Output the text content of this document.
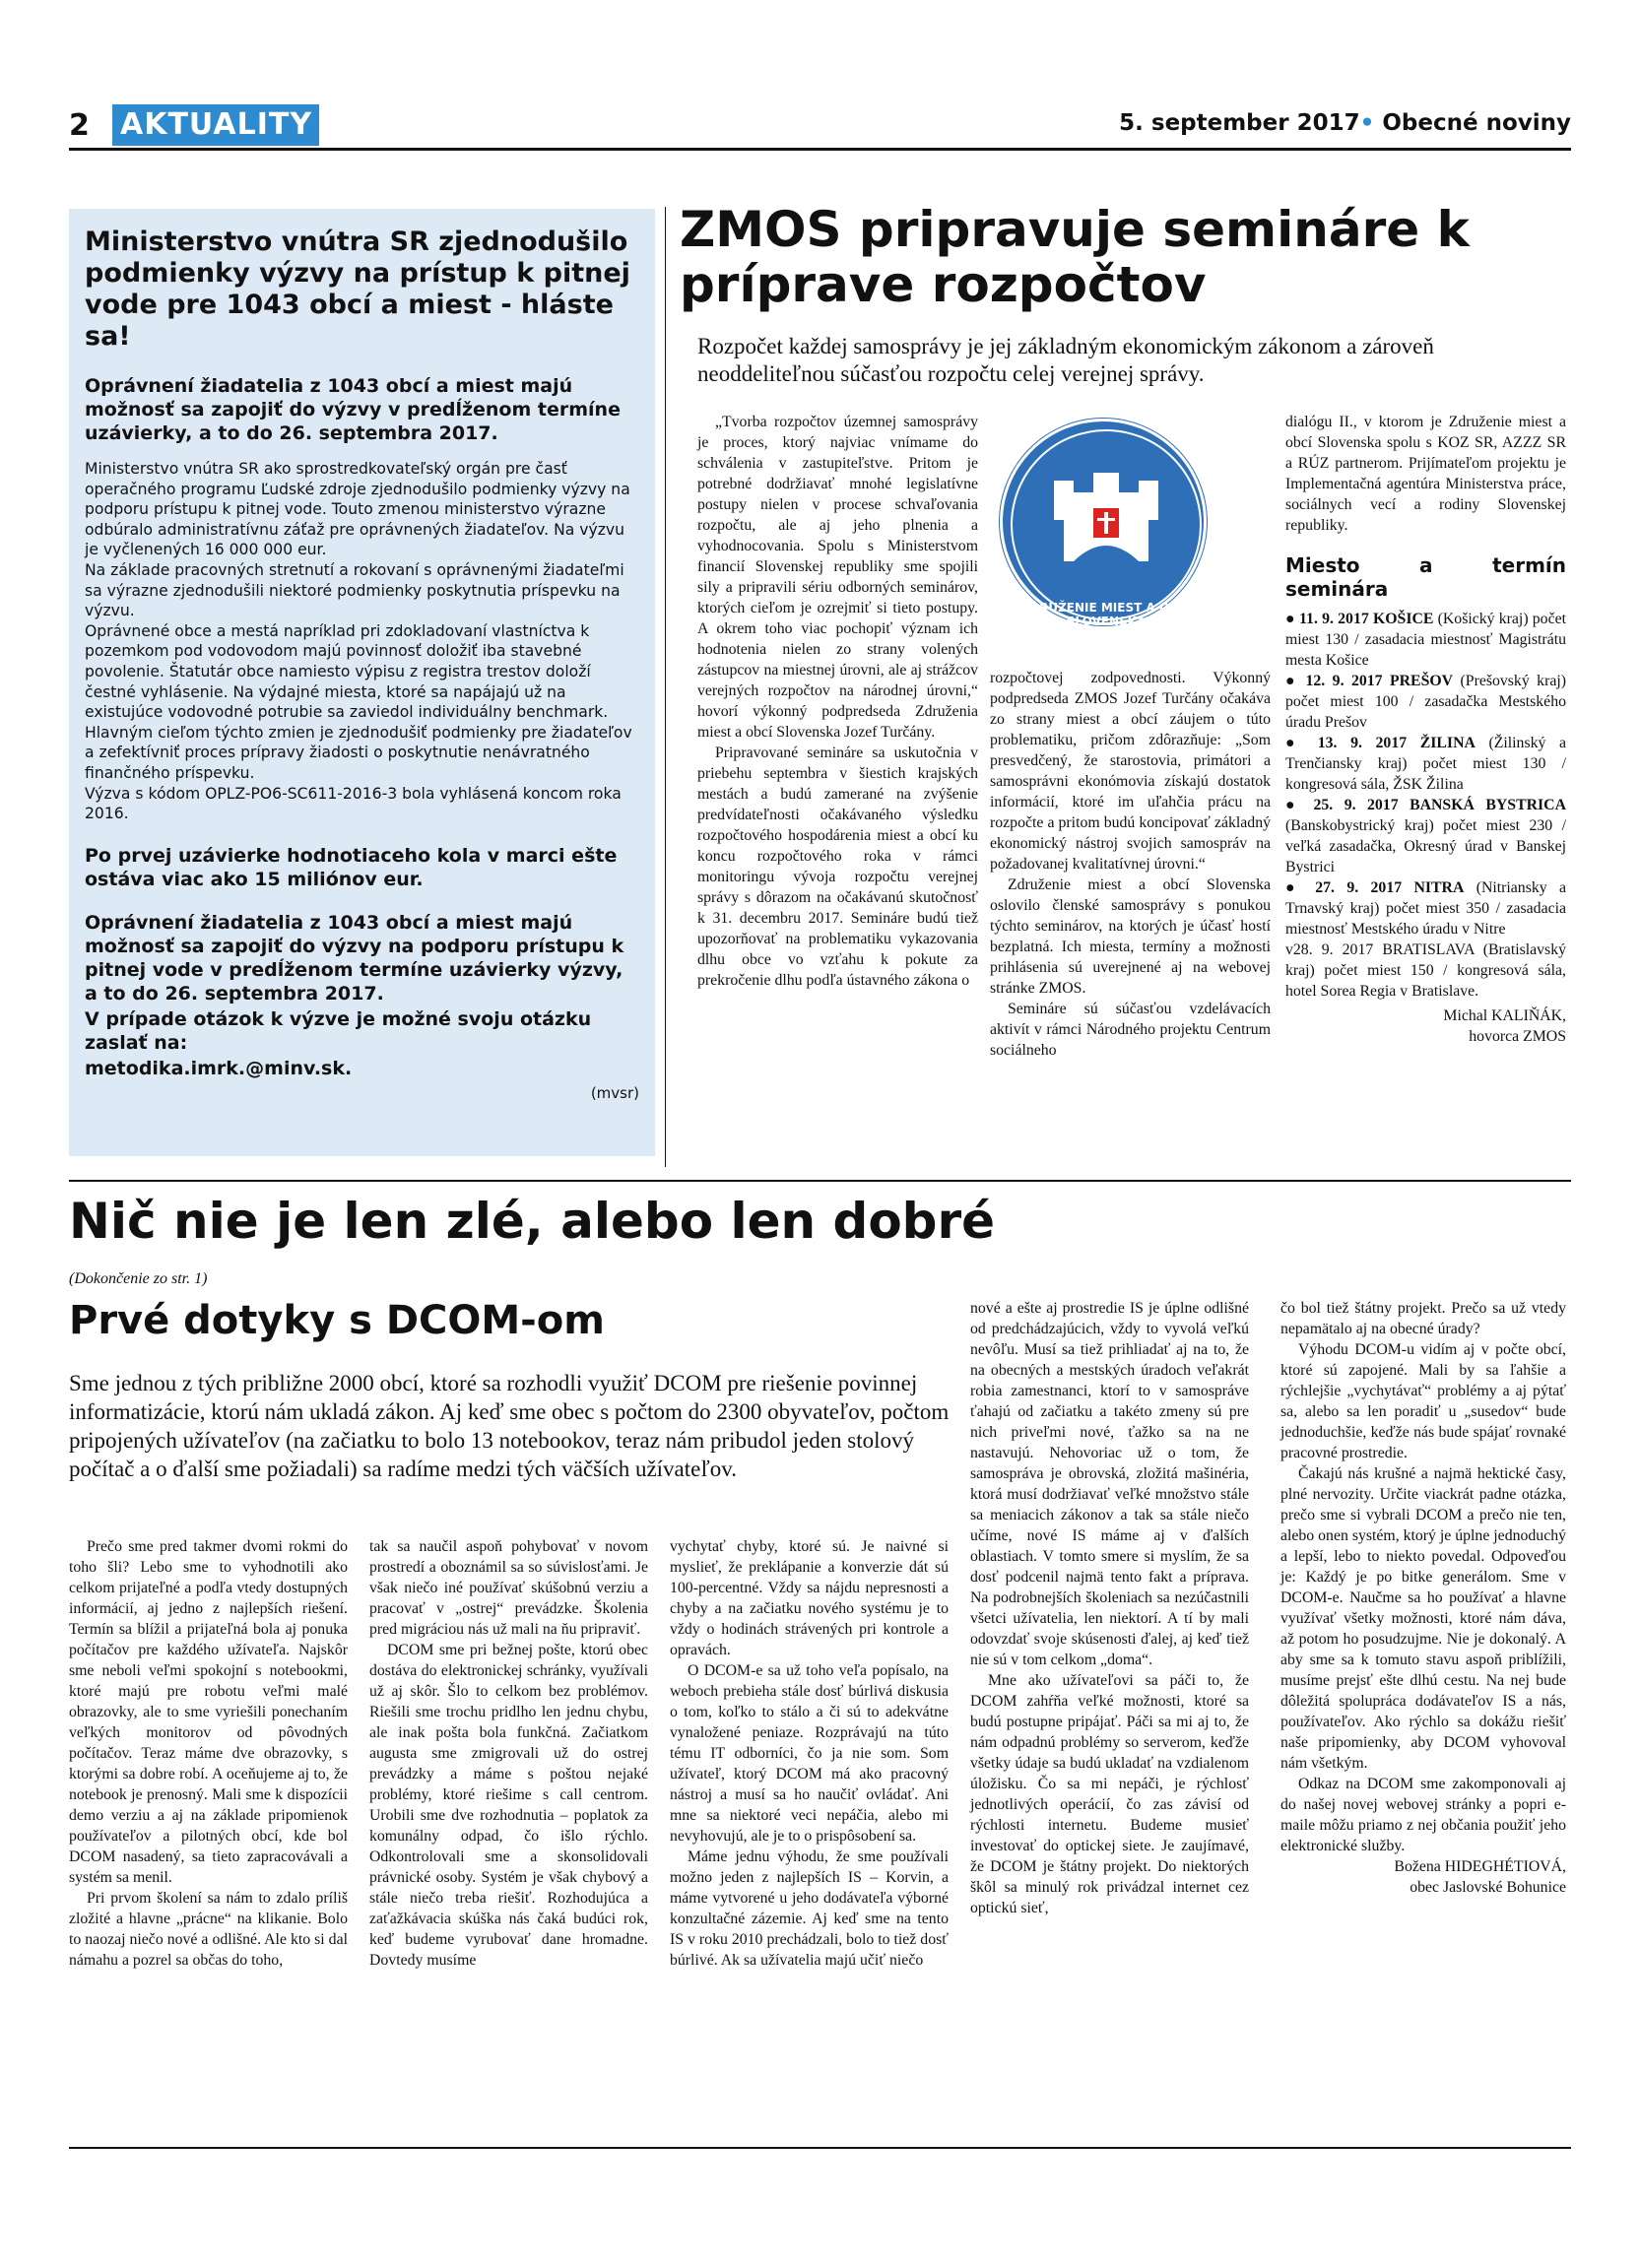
2 AKTUALITY	5. september 2017• Obecné noviny
Ministerstvo vnútra SR zjednodušilo podmienky výzvy na prístup k pitnej vode pre 1043 obcí a miest - hláste sa!
Oprávnení žiadatelia z 1043 obcí a miest majú možnosť sa zapojiť do výzvy v predĺženom termíne uzávierky, a to do 26. septembra 2017.

Ministerstvo vnútra SR ako sprostredkovateľský orgán pre časť operačného programu Ľudské zdroje zjednodušilo podmienky výzvy na podporu prístupu k pitnej vode. Touto zmenou ministerstvo výrazne odbúralo administratívnu záťaž pre oprávnených žiadateľov. Na výzvu je vyčlenených 16 000 000 eur.

Na základe pracovných stretnutí a rokovaní s oprávnenými žiadateľmi sa výrazne zjednodušili niektoré podmienky poskytnutia príspevku na výzvu.

Oprávnené obce a mestá napríklad pri zdokladovaní vlastníctva k pozemkom pod vodovodom majú povinnosť doložiť iba stavebné povolenie. Štatutár obce namiesto výpisu z registra trestov doloží čestné vyhlásenie. Na výdajné miesta, ktoré sa napájajú už na existujúce vodovodné potrubie sa zaviedol individuálny benchmark.

Hlavným cieľom týchto zmien je zjednodušiť podmienky pre žiadateľov a zefektívniť proces prípravy žiadosti o poskytnutie nenávratného finančného príspevku.

Výzva s kódom OPLZ-PO6-SC611-2016-3 bola vyhlásená koncom roka 2016.

Po prvej uzávierke hodnotiaceho kola v marci ešte ostáva viac ako 15 miliónov eur.
Oprávnení žiadatelia z 1043 obcí a miest majú možnosť sa zapojiť do výzvy na podporu prístupu k pitnej vode v predĺženom termíne uzávierky výzvy, a to do 26. septembra 2017.
V prípade otázok k výzve je možné svoju otázku zaslať na:
metodika.imrk.@minv.sk.
(mvsr)
ZMOS pripravuje semináre k príprave rozpočtov
Rozpočet každej samosprávy je jej základným ekonomickým zákonom a zároveň neoddeliteľnou súčasťou rozpočtu celej verejnej správy.

„Tvorba rozpočtov územnej samosprávy je proces, ktorý najviac vnímame do schválenia v zastupiteľstve. Pritom je potrebné dodržiavať mnohé legislatívne postupy nielen v procese schvaľovania rozpočtu, ale aj jeho plnenia a vyhodnocovania. Spolu s Ministerstvom financií Slovenskej republiky sme spojili sily a pripravili sériu odborných seminárov, ktorých cieľom je ozrejmiť si tieto postupy. A okrem toho viac pochopiť význam ich hodnotenia nielen zo strany volených zástupcov na miestnej úrovni, ale aj strážcov verejných rozpočtov na národnej úrovni,“ hovorí výkonný podpredseda Združenia miest a obcí Slovenska Jozef Turčány.

Pripravované semináre sa uskutočnia v priebehu septembra v šiestich krajských mestách a budú zamerané na zvýšenie predvídateľnosti očakávaného výsledku rozpočtového hospodárenia miest a obcí ku koncu rozpočtového roka v rámci monitoringu vývoja rozpočtu verejnej správy s dôrazom na očakávanú skutočnosť k 31. decembru 2017. Semináre budú tiež upozorňovať na problematiku vykazovania dlhu obce vo vzťahu k pokute za prekročenie dlhu podľa ústavného zákona o

ZDRUŽENIE MIEST A OBCÍ SLOVENSKA

rozpočtovej zodpovednosti. Výkonný podpredseda ZMOS Jozef Turčány očakáva zo strany miest a obcí záujem o túto problematiku, pričom zdôrazňuje: „Som presvedčený, že starostovia, primátori a samosprávni ekonómovia získajú dostatok informácií, ktoré im uľahčia prácu na rozpočte a pritom budú koncipovať základný ekonomický nástroj svojich samospráv na požadovanej kvalitatívnej úrovni.“

Združenie miest a obcí Slovenska oslovilo členské samosprávy s ponukou týchto seminárov, na ktorých je účasť hostí bezplatná. Ich miesta, termíny a možnosti prihlásenia sú uverejnené aj na webovej stránke ZMOS.

Semináre sú súčasťou vzdelávacích aktivít v rámci Národného projektu Centrum sociálneho

dialógu II., v ktorom je Združenie miest a obcí Slovenska spolu s KOZ SR, AZZZ SR a RÚZ partnerom. Prijímateľom projektu je Implementačná agentúra Ministerstva práce, sociálnych vecí a rodiny Slovenskej republiky.

Miesto a termín seminára

● 11. 9. 2017 KOŠICE (Košický kraj) počet miest 130 / zasadacia miestnosť Magistrátu mesta Košice

● 12. 9. 2017 PREŠOV (Prešovský kraj) počet miest 100 / zasadačka Mestského úradu Prešov

● 13. 9. 2017 ŽILINA (Žilinský a Trenčiansky kraj) počet miest 130 / kongresová sála, ŽSK Žilina

● 25. 9. 2017 BANSKÁ BYSTRICA (Banskobystrický kraj) počet miest 230 / veľká zasadačka, Okresný úrad v Banskej Bystrici

● 27. 9. 2017 NITRA (Nitriansky a Trnavský kraj) počet miest 350 / zasadacia miestnosť Mestského úradu v Nitre

v28. 9. 2017 BRATISLAVA (Bratislavský kraj) počet miest 150 / kongresová sála, hotel Sorea Regia v Bratislave.

Michal KALIŇÁK,

hovorca ZMOS

Nič nie je len zlé, alebo len dobré
(Dokončenie zo str. 1)
Prvé dotyky s DCOM-om
Sme jednou z tých približne 2000 obcí, ktoré sa rozhodli využiť DCOM pre riešenie povinnej informatizácie, ktorú nám ukladá zákon. Aj keď sme obec s počtom do 2300 obyvateľov, počtom pripojených užívateľov (na začiatku to bolo 13 notebookov, teraz nám pribudol jeden stolový počítač a o ďalší sme požiadali) sa radíme medzi tých väčších užívateľov.

Prečo sme pred takmer dvomi rokmi do toho šli? Lebo sme to vyhodnotili ako celkom prijateľné a podľa vtedy dostupných informácií, aj jedno z najlepších riešení. Termín sa blížil a prijateľná bola aj ponuka počítačov pre každého užívateľa. Najskôr sme neboli veľmi spokojní s notebookmi, ktoré majú pre robotu veľmi malé obrazovky, ale to sme vyriešili ponechaním veľkých monitorov od pôvodných počítačov. Teraz máme dve obrazovky, s ktorými sa dobre robí. A oceňujeme aj to, že notebook je prenosný. Mali sme k dispozícii demo verziu a aj na základe pripomienok používateľov a pilotných obcí, kde bol DCOM nasadený, sa tieto zapracovávali a systém sa menil.

Pri prvom školení sa nám to zdalo príliš zložité a hlavne „prácne“ na klikanie. Bolo to naozaj niečo nové a odlišné. Ale kto si dal námahu a pozrel sa občas do toho,

tak sa naučil aspoň pohybovať v novom prostredí a oboznámil sa so súvislosťami. Je však niečo iné používať skúšobnú verziu a pracovať v „ostrej“ prevádzke. Školenia pred migráciou nás už mali na ňu pripraviť.

DCOM sme pri bežnej pošte, ktorú obec dostáva do elektronickej schránky, využívali už aj skôr. Šlo to celkom bez problémov. Riešili sme trochu pridlho len jednu chybu, ale inak pošta bola funkčná. Začiatkom augusta sme zmigrovali už do ostrej prevádzky a máme s poštou nejaké problémy, ktoré riešime s call centrom. Urobili sme dve rozhodnutia – poplatok za komunálny odpad, čo išlo rýchlo. Odkontrolovali sme a skonsolidovali právnické osoby. Systém je však chybový a stále niečo treba riešiť. Rozhodujúca a zaťažkávacia skúška nás čaká budúci rok, keď budeme vyrubovať dane hromadne. Dovtedy musíme

vychytať chyby, ktoré sú. Je naivné si myslieť, že preklápanie a konverzie dát sú 100-percentné. Vždy sa nájdu nepresnosti a chyby a na začiatku nového systému je to vždy o hodinách strávených pri kontrole a opravách.

O DCOM-e sa už toho veľa popísalo, na weboch prebieha stále dosť búrlivá diskusia o tom, koľko to stálo a či sú to adekvátne vynaložené peniaze. Rozprávajú na túto tému IT odborníci, čo ja nie som. Som užívateľ, ktorý DCOM má ako pracovný nástroj a musí sa ho naučiť ovládať. Ani mne sa niektoré veci nepáčia, alebo mi nevyhovujú, ale je to o prispôsobení sa.

Máme jednu výhodu, že sme používali možno jeden z najlepších IS – Korvin, a máme vytvorené u jeho dodávateľa výborné konzultačné zázemie. Aj keď sme na tento IS v roku 2010 prechádzali, bolo to tiež dosť búrlivé. Ak sa užívatelia majú učiť niečo

nové a ešte aj prostredie IS je úplne odlišné od predchádzajúcich, vždy to vyvolá veľkú nevôľu. Musí sa tiež prihliadať aj na to, že na obecných a mestských úradoch veľakrát robia zamestnanci, ktorí to v samospráve ťahajú od začiatku a takéto zmeny sú pre nich priveľmi nové, ťažko sa na ne nastavujú. Nehovoriac už o tom, že samospráva je obrovská, zložitá mašinéria, ktorá musí dodržiavať veľké množstvo stále sa meniacich zákonov a tak sa stále niečo učíme, nové IS máme aj v ďalších oblastiach. V tomto smere si myslím, že sa dosť podcenil najmä tento fakt a príprava. Na podrobnejších školeniach sa nezúčastnili všetci užívatelia, len niektorí. A tí by mali odovzdať svoje skúsenosti ďalej, aj keď tiež nie sú v tom celkom „doma“.

Mne ako užívateľovi sa páči to, že DCOM zahŕňa veľké možnosti, ktoré sa budú postupne pripájať. Páči sa mi aj to, že nám odpadnú problémy so serverom, keďže všetky údaje sa budú ukladať na vzdialenom úložisku. Čo sa mi nepáči, je rýchlosť jednotlivých operácií, čo zas závisí od rýchlosti internetu. Budeme musieť investovať do optickej siete. Je zaujímavé, že DCOM je štátny projekt. Do niektorých škôl sa minulý rok privádzal internet cez optickú sieť,

čo bol tiež štátny projekt. Prečo sa už vtedy nepamätalo aj na obecné úrady?

Výhodu DCOM-u vidím aj v počte obcí, ktoré sú zapojené. Mali by sa ľahšie a rýchlejšie „vychytávať“ problémy a aj pýtať sa, alebo sa len poradiť u „susedov“ bude jednoduchšie, keďže nás bude spájať rovnaké pracovné prostredie.

Čakajú nás krušné a najmä hektické časy, plné nervozity. Určite viackrát padne otázka, prečo sme si vybrali DCOM a prečo nie ten, alebo onen systém, ktorý je úplne jednoduchý a lepší, lebo to niekto povedal. Odpoveďou je: Každý je po bitke generálom. Sme v DCOM-e. Naučme sa ho používať a hlavne využívať všetky možnosti, ktoré nám dáva, až potom ho posudzujme. Nie je dokonalý. A aby sme sa k tomuto stavu aspoň priblížili, musíme prejsť ešte dlhú cestu. Na nej bude dôležitá spolupráca dodávateľov IS a nás, používateľov. Ako rýchlo sa dokážu riešiť naše pripomienky, aby DCOM vyhovoval nám všetkým.

Odkaz na DCOM sme zakomponovali aj do našej novej webovej stránky a popri e-maile môžu priamo z nej občania použiť jeho elektronické služby.

Božena HIDEGHÉTIOVÁ,

obec Jaslovské Bohunice
